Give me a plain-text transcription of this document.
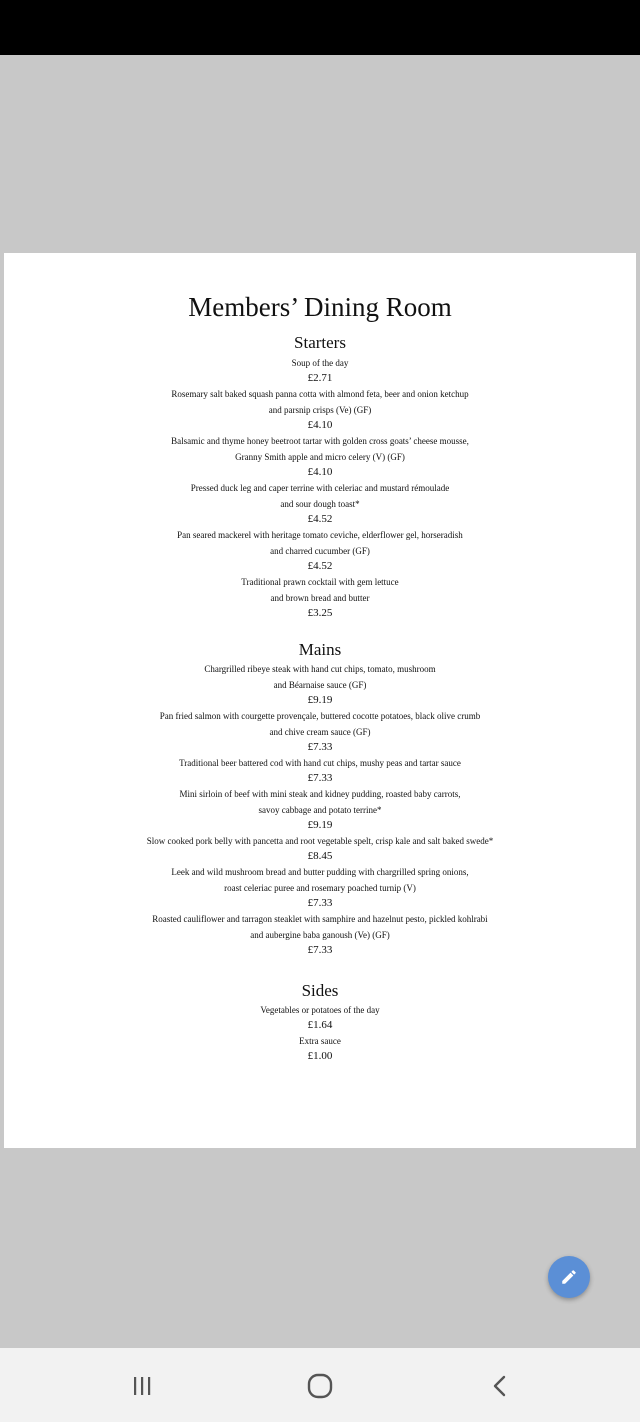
Members’ Dining Room
Starters
Soup of the day
£2.71
Rosemary salt baked squash panna cotta with almond feta, beer and onion ketchup
and parsnip crisps (Ve) (GF)
£4.10
Balsamic and thyme honey beetroot tartar with golden cross goats’ cheese mousse,
Granny Smith apple and micro celery (V) (GF)
£4.10
Pressed duck leg and caper terrine with celeriac and mustard rémoulade
and sour dough toast*
£4.52
Pan seared mackerel with heritage tomato ceviche, elderflower gel, horseradish
and charred cucumber (GF)
£4.52
Traditional prawn cocktail with gem lettuce
and brown bread and butter
£3.25
Mains
Chargrilled ribeye steak with hand cut chips, tomato, mushroom
and Béarnaise sauce (GF)
£9.19
Pan fried salmon with courgette provençale, buttered cocotte potatoes, black olive crumb
and chive cream sauce (GF)
£7.33
Traditional beer battered cod with hand cut chips, mushy peas and tartar sauce
£7.33
Mini sirloin of beef with mini steak and kidney pudding, roasted baby carrots,
savoy cabbage and potato terrine*
£9.19
Slow cooked pork belly with pancetta and root vegetable spelt, crisp kale and salt baked swede*
£8.45
Leek and wild mushroom bread and butter pudding with chargrilled spring onions,
roast celeriac puree and rosemary poached turnip (V)
£7.33
Roasted cauliflower and tarragon steaklet with samphire and hazelnut pesto, pickled kohlrabi
and aubergine baba ganoush (Ve) (GF)
£7.33
Sides
Vegetables or potatoes of the day
£1.64
Extra sauce
£1.00
